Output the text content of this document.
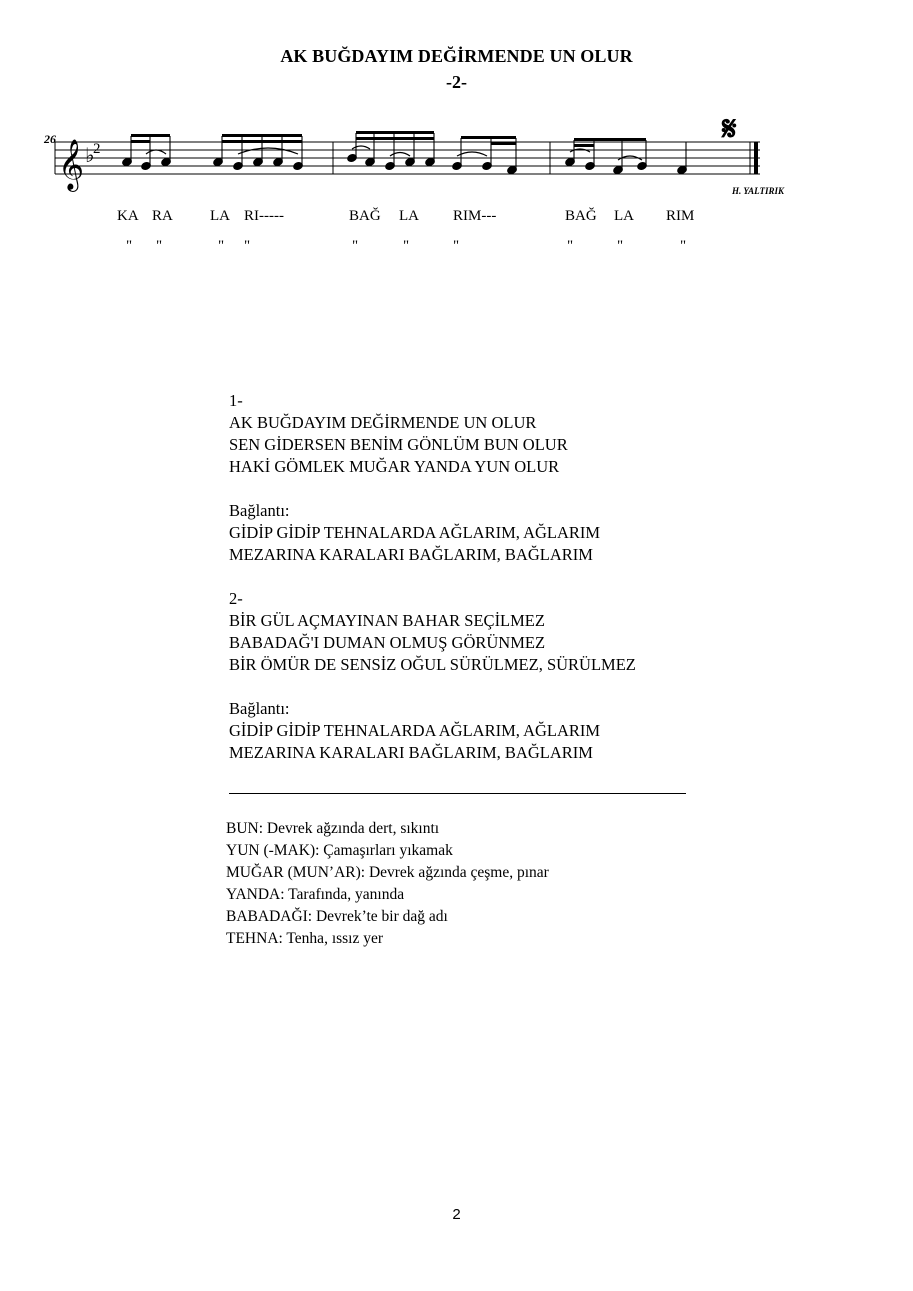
AK BUĞDAYIM DEĞİRMENDE UN OLUR
-2-
26 𝄞 ♭
2	𝄋
H. YALTIRIK
KA RA LA RI-----	BAĞ LA RIM---	BAĞ LA RIM
" "	" "	"	"	"	"	"	"
1-
AK BUĞDAYIM DEĞİRMENDE UN OLUR
SEN GİDERSEN BENİM GÖNLÜM BUN OLUR
HAKİ GÖMLEK MUĞAR YANDA YUN OLUR
Bağlantı:
GİDİP GİDİP TEHNALARDA AĞLARIM, AĞLARIM
MEZARINA KARALARI BAĞLARIM, BAĞLARIM
2-
BİR GÜL AÇMAYINAN BAHAR SEÇİLMEZ
BABADAĞ'I DUMAN OLMUŞ GÖRÜNMEZ
BİR ÖMÜR DE SENSİZ OĞUL SÜRÜLMEZ, SÜRÜLMEZ
Bağlantı:
GİDİP GİDİP TEHNALARDA AĞLARIM, AĞLARIM
MEZARINA KARALARI BAĞLARIM, BAĞLARIM
BUN: Devrek ağzında dert, sıkıntı
YUN (-MAK): Çamaşırları yıkamak
MUĞAR (MUN’AR): Devrek ağzında çeşme, pınar
YANDA: Tarafında, yanında
BABADAĞI: Devrek’te bir dağ adı
TEHNA: Tenha, ıssız yer
2
